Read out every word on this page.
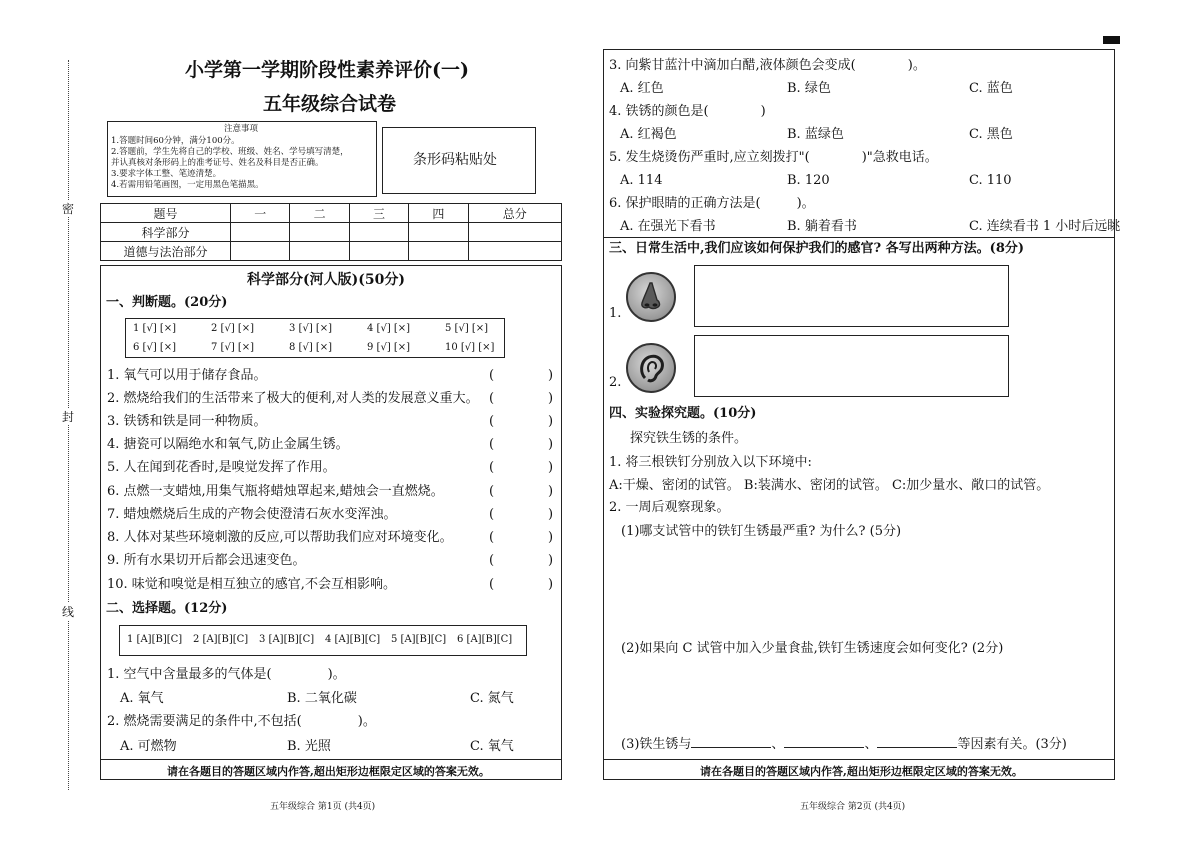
密
封
线
小学第一学期阶段性素养评价(一)
五年级综合试卷
注意事项
1.答题时间60分钟，满分100分。
2.答题前，学生先将自己的学校、班级、姓名、学号填写清楚，
并认真核对条形码上的准考证号、姓名及科目是否正确。
3.要求字体工整、笔迹清楚。
4.若需用铅笔画图，一定用黑色笔描黑。
条形码粘贴处
题号	一	二	三	四	总分
科学部分					
道德与法治部分					
科学部分(河人版)(50分)
一、判断题。(20分)
1 [√] [×]	2 [√] [×]	3 [√] [×]	4 [√] [×]	5 [√] [×]
6 [√] [×]	7 [√] [×]	8 [√] [×]	9 [√] [×]	10 [√] [×]
1. 氧气可以用于储存食品。
2. 燃烧给我们的生活带来了极大的便利,对人类的发展意义重大。
3. 铁锈和铁是同一种物质。
4. 搪瓷可以隔绝水和氧气,防止金属生锈。
5. 人在闻到花香时,是嗅觉发挥了作用。
6. 点燃一支蜡烛,用集气瓶将蜡烛罩起来,蜡烛会一直燃烧。
7. 蜡烛燃烧后生成的产物会使澄清石灰水变浑浊。
8. 人体对某些环境刺激的反应,可以帮助我们应对环境变化。
9. 所有水果切开后都会迅速变色。
10. 味觉和嗅觉是相互独立的感官,不会互相影响。
(	)
(	)
(	)
(	)
(	)
(	)
(	)
(	)
(	)
(	)
二、选择题。(12分)
1 [A][B][C] 2 [A][B][C] 3 [A][B][C] 4 [A][B][C] 5 [A][B][C] 6 [A][B][C]
1. 空气中含量最多的气体是(	)。
A. 氧气	B. 二氧化碳	C. 氮气
2. 燃烧需要满足的条件中,不包括(	)。
A. 可燃物	B. 光照	C. 氧气
请在各题目的答题区域内作答,超出矩形边框限定区域的答案无效。
五年级综合 第1页 (共4页)
3. 向紫甘蓝汁中滴加白醋,液体颜色会变成(	)。
A. 红色	B. 绿色	C. 蓝色
4. 铁锈的颜色是(	)
A. 红褐色	B. 蓝绿色	C. 黑色
5. 发生烧烫伤严重时,应立刻拨打"(	)"急救电话。
A. 114	B. 120	C. 110
6. 保护眼睛的正确方法是(	)。
A. 在强光下看书	B. 躺着看书	C. 连续看书 1 小时后远眺
三、日常生活中,我们应该如何保护我们的感官? 各写出两种方法。(8分)
1.
2.
四、实验探究题。(10分)
探究铁生锈的条件。
1. 将三根铁钉分别放入以下环境中:
A:干燥、密闭的试管。 B:装满水、密闭的试管。 C:加少量水、敞口的试管。
2. 一周后观察现象。
(1)哪支试管中的铁钉生锈最严重? 为什么? (5分)
(2)如果向 C 试管中加入少量食盐,铁钉生锈速度会如何变化? (2分)
(3)铁生锈与	、	、	等因素有关。(3分)
请在各题目的答题区域内作答,超出矩形边框限定区域的答案无效。
五年级综合 第2页 (共4页)
